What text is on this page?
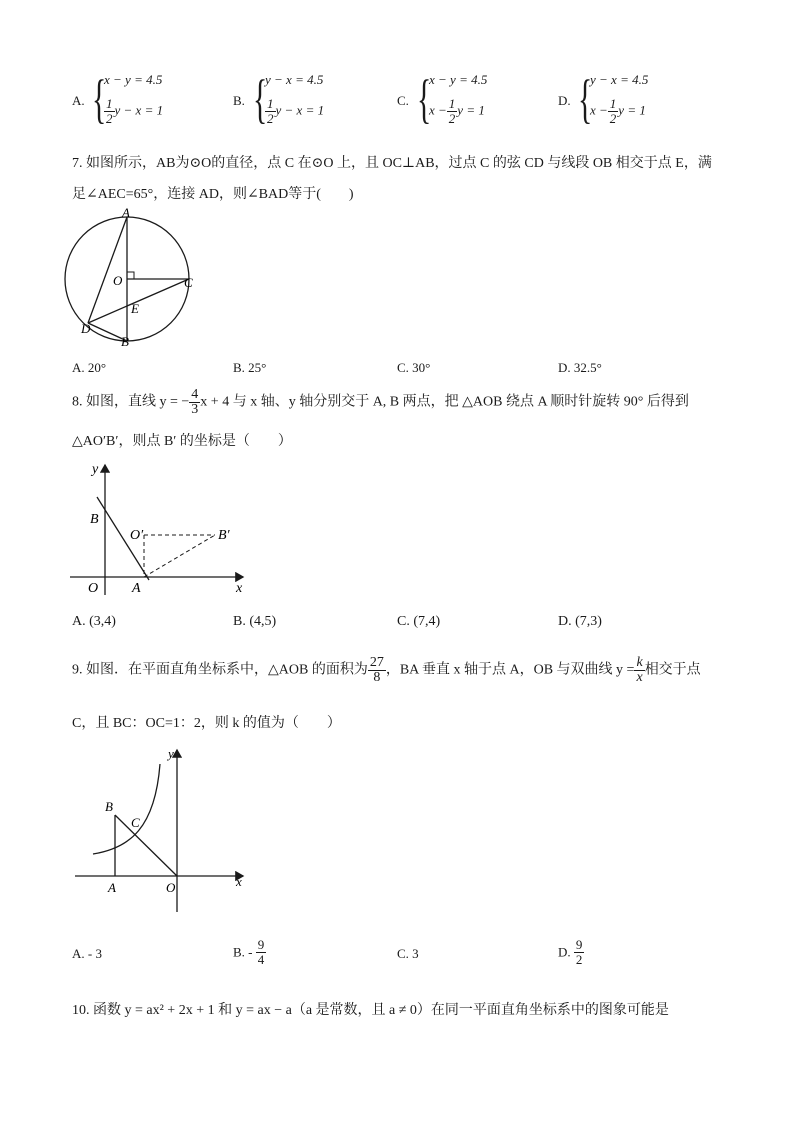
A. {
x − y = 4.5
$\frac{1}{2}$ y − x = 1
B. {
y − x = 4.5
$\frac{1}{2}$ y − x = 1
C. {
x − y = 4.5
$x - \frac{1}{2}$ y = 1
D. {
y − x = 4.5
$x - \frac{1}{2}$ y = 1
7. 如图所示，AB为⊙O的直径，点 C 在⊙O 上，且 OC⊥AB，过点 C 的弦 CD 与线段 OB 相交于点 E，满
足∠AEC=65°，连接 AD，则∠BAD等于(　　)
A
O	C
E
D
B
A. 20°	B. 25°	C. 30°	D. 32.5°
8. 如图，直线 y = − $\frac{4}{3}$ x + 4 与 x 轴、y 轴分别交于 A, B 两点，把 △AOB 绕点 A 顺时针旋转 90° 后得到
△AO′B′，则点 B′ 的坐标是（　　）
y
x
B
O′	B′
O A
A. (3,4)	B. (4,5)	C. (7,4)	D. (7,3)
9. 如图．在平面直角坐标系中，△AOB 的面积为 $\frac{27}{8}$ ，BA 垂直 x 轴于点 A，OB 与双曲线 $y = \frac{k}{x}$ 相交于点
C，且 BC：OC=1：2，则 k 的值为（　　）
y
x
B
C
A	O
A. - 3	B. - $\frac{9}{4}$	C. 3	D. $\frac{9}{2}$
10. 函数 y = ax² + 2x + 1 和 y = ax − a（a 是常数，且 a ≠ 0）在同一平面直角坐标系中的图象可能是
